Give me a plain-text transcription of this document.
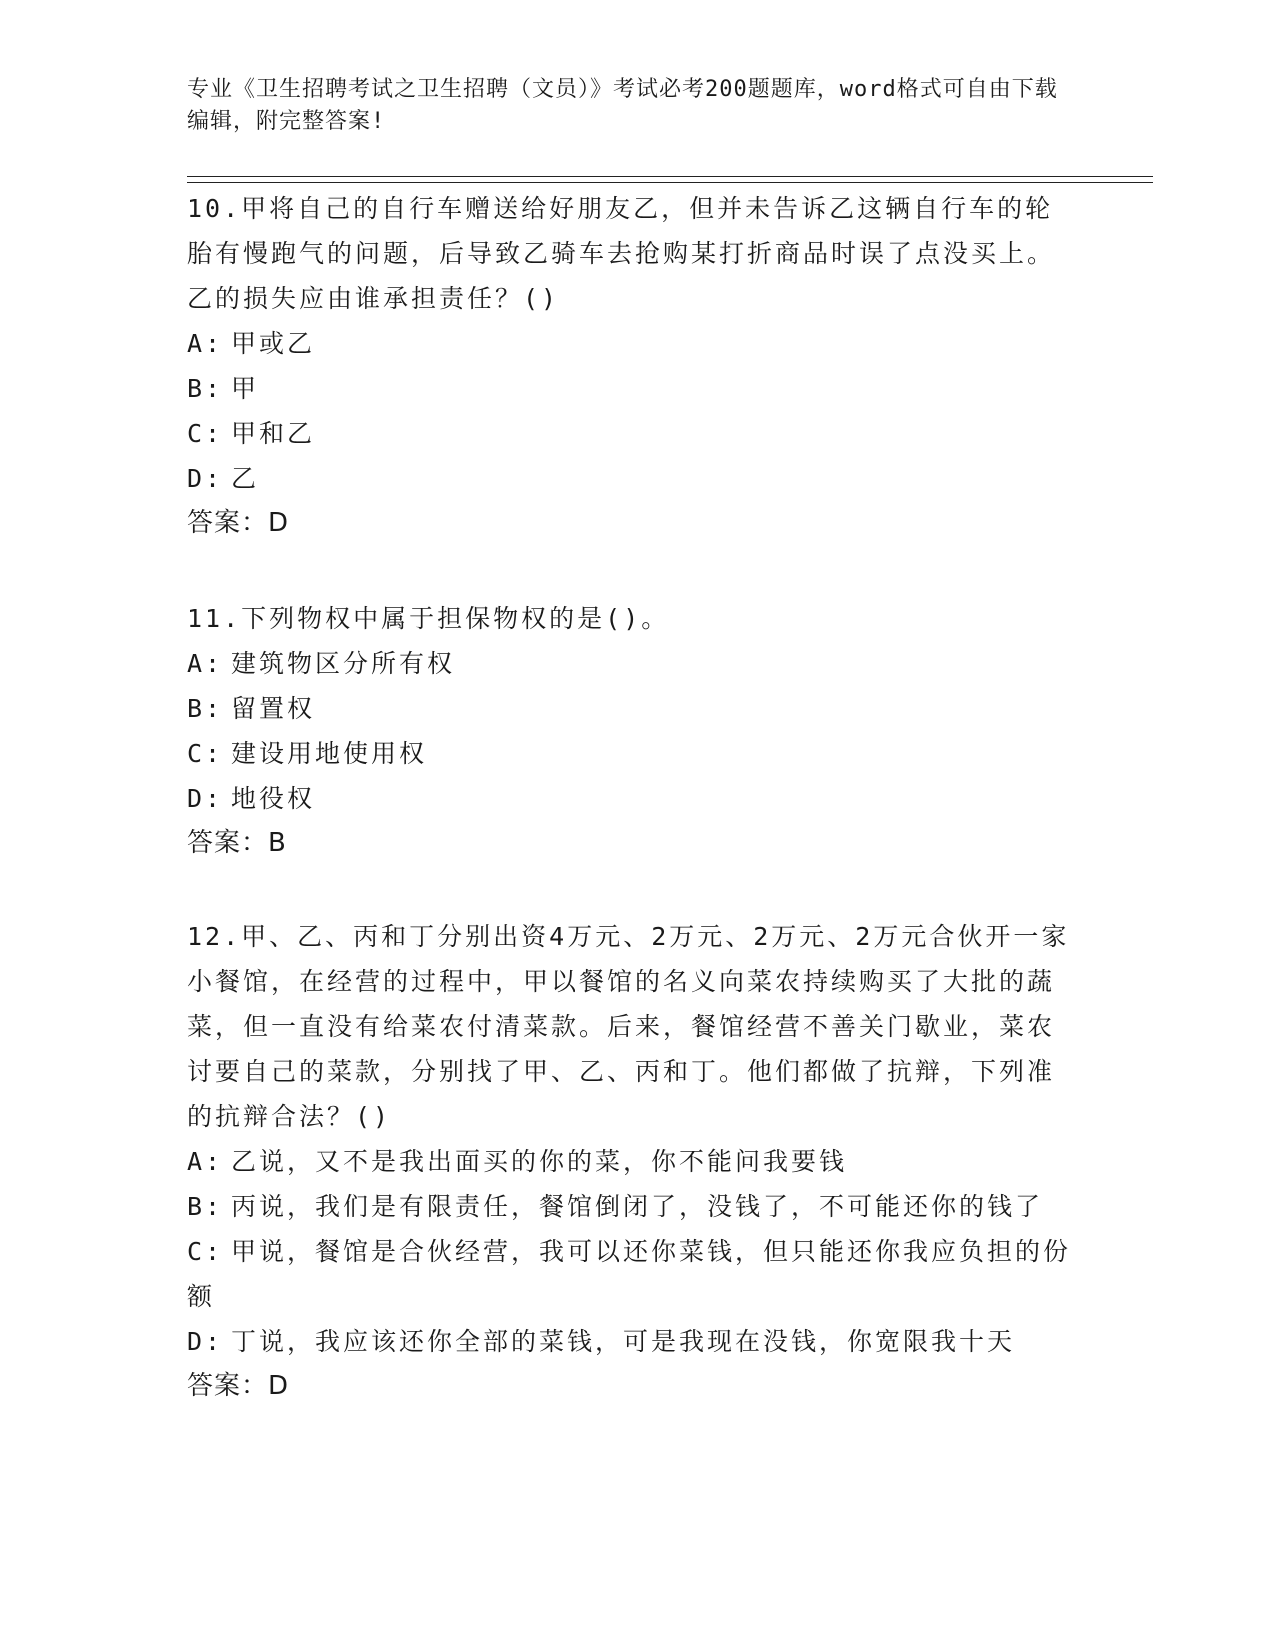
专业《卫生招聘考试之卫生招聘（文员）》考试必考200题题库，word格式可自由下载编辑，附完整答案!

10.甲将自己的自行车赠送给好朋友乙，但并未告诉乙这辆自行车的轮胎有慢跑气的问题，后导致乙骑车去抢购某打折商品时误了点没买上。乙的损失应由谁承担责任？()

A: 甲或乙

B: 甲

C: 甲和乙

D: 乙

答案：D

11.下列物权中属于担保物权的是()。

A: 建筑物区分所有权

B: 留置权

C: 建设用地使用权

D: 地役权

答案：B

12.甲、乙、丙和丁分别出资4万元、2万元、2万元、2万元合伙开一家小餐馆，在经营的过程中，甲以餐馆的名义向菜农持续购买了大批的蔬菜，但一直没有给菜农付清菜款。后来，餐馆经营不善关门歇业，菜农讨要自己的菜款，分别找了甲、乙、丙和丁。他们都做了抗辩，下列准的抗辩合法？()

A: 乙说，又不是我出面买的你的菜，你不能问我要钱

B: 丙说，我们是有限责任，餐馆倒闭了，没钱了，不可能还你的钱了

C: 甲说，餐馆是合伙经营，我可以还你菜钱，但只能还你我应负担的份额

D: 丁说，我应该还你全部的菜钱，可是我现在没钱，你宽限我十天

答案：D
